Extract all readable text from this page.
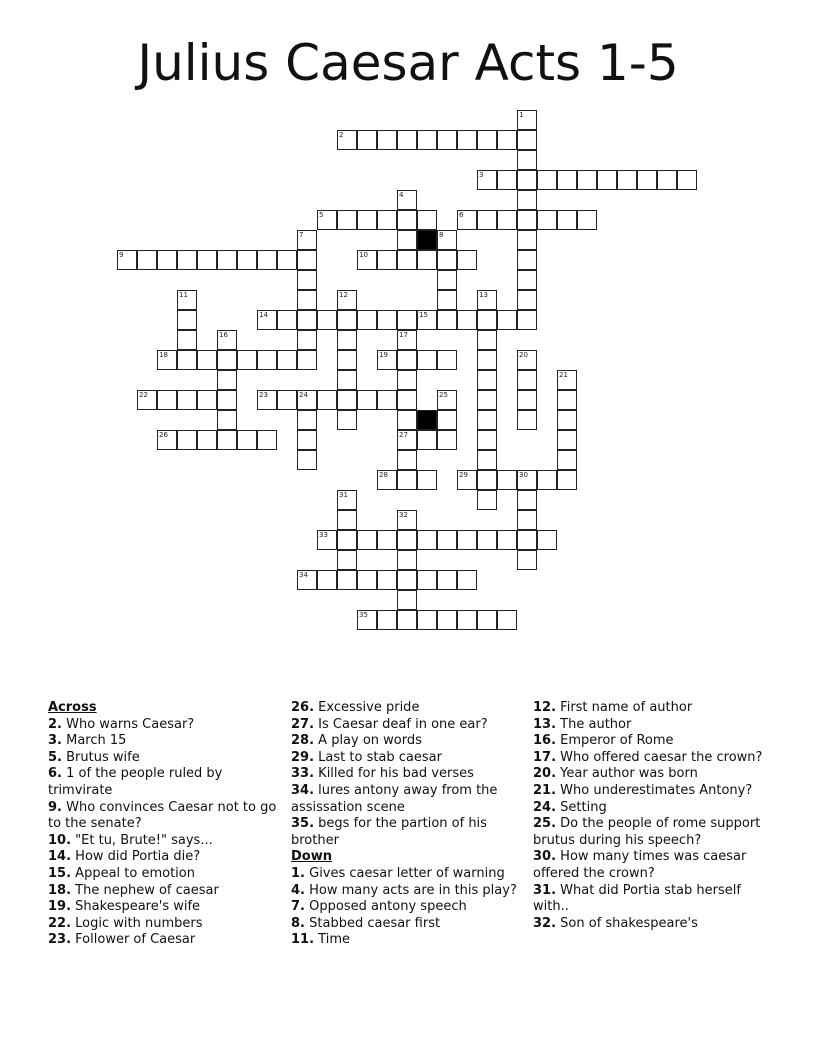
Julius Caesar Acts 1-5
1
2
3
4
5	6
7	8
9	10
11	12	13
14	15
16	17
27
18	19	20
21
22	23	24	25
26
28	29	30
31
32
33
34
35
Across
2. Who warns Caesar?
3. March 15
5. Brutus wife
6. 1 of the people ruled by trimvirate
9. Who convinces Caesar not to go to the senate?
10. "Et tu, Brute!" says...
14. How did Portia die?
15. Appeal to emotion
18. The nephew of caesar
19. Shakespeare's wife
22. Logic with numbers
23. Follower of Caesar
26. Excessive pride
27. Is Caesar deaf in one ear?
28. A play on words
29. Last to stab caesar
33. Killed for his bad verses
34. lures antony away from the assissation scene
35. begs for the partion of his brother
Down
1. Gives caesar letter of warning
4. How many acts are in this play?
7. Opposed antony speech
8. Stabbed caesar first
11. Time
12. First name of author
13. The author
16. Emperor of Rome
17. Who offered caesar the crown?
20. Year author was born
21. Who underestimates Antony?
24. Setting
25. Do the people of rome support brutus during his speech?
30. How many times was caesar offered the crown?
31. What did Portia stab herself with..
32. Son of shakespeare's
